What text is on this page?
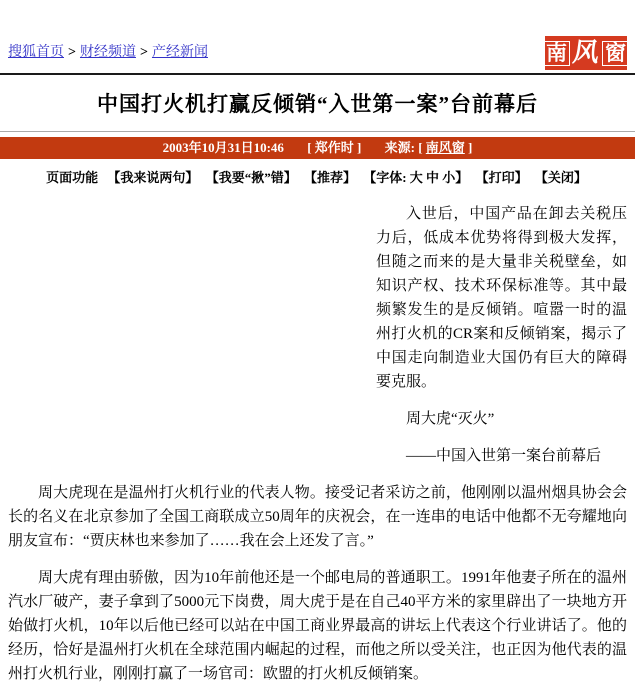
搜狐首页 > 财经频道 > 产经新闻	南 风 窗
中国打火机打赢反倾销“入世第一案”台前幕后
2003年10月31日10:46 [ 郑作时 ] 来源: [ 南风窗 ]
页面功能 【我来说两句】 【我要“揪”错】 【推荐】 【字体: 大 中 小】 【打印】 【关闭】

入世后，中国产品在卸去关税压力后，低成本优势将得到极大发挥，但随之而来的是大量非关税壁垒，如知识产权、技术环保标准等。其中最频繁发生的是反倾销。喧嚣一时的温州打火机的CR案和反倾销案，揭示了中国走向制造业大国仍有巨大的障碍要克服。

周大虎“灭火”

——中国入世第一案台前幕后

周大虎现在是温州打火机行业的代表人物。接受记者采访之前，他刚刚以温州烟具协会会长的名义在北京参加了全国工商联成立50周年的庆祝会，在一连串的电话中他都不无夸耀地向朋友宣布：“贾庆林也来参加了……我在会上还发了言。”

周大虎有理由骄傲，因为10年前他还是一个邮电局的普通职工。1991年他妻子所在的温州汽水厂破产，妻子拿到了5000元下岗费，周大虎于是在自己40平方米的家里辟出了一块地方开始做打火机，10年以后他已经可以站在中国工商业界最高的讲坛上代表这个行业讲话了。他的经历，恰好是温州打火机在全球范围内崛起的过程，而他之所以受关注，也正因为他代表的温州打火机行业，刚刚打赢了一场官司：欧盟的打火机反倾销案。
